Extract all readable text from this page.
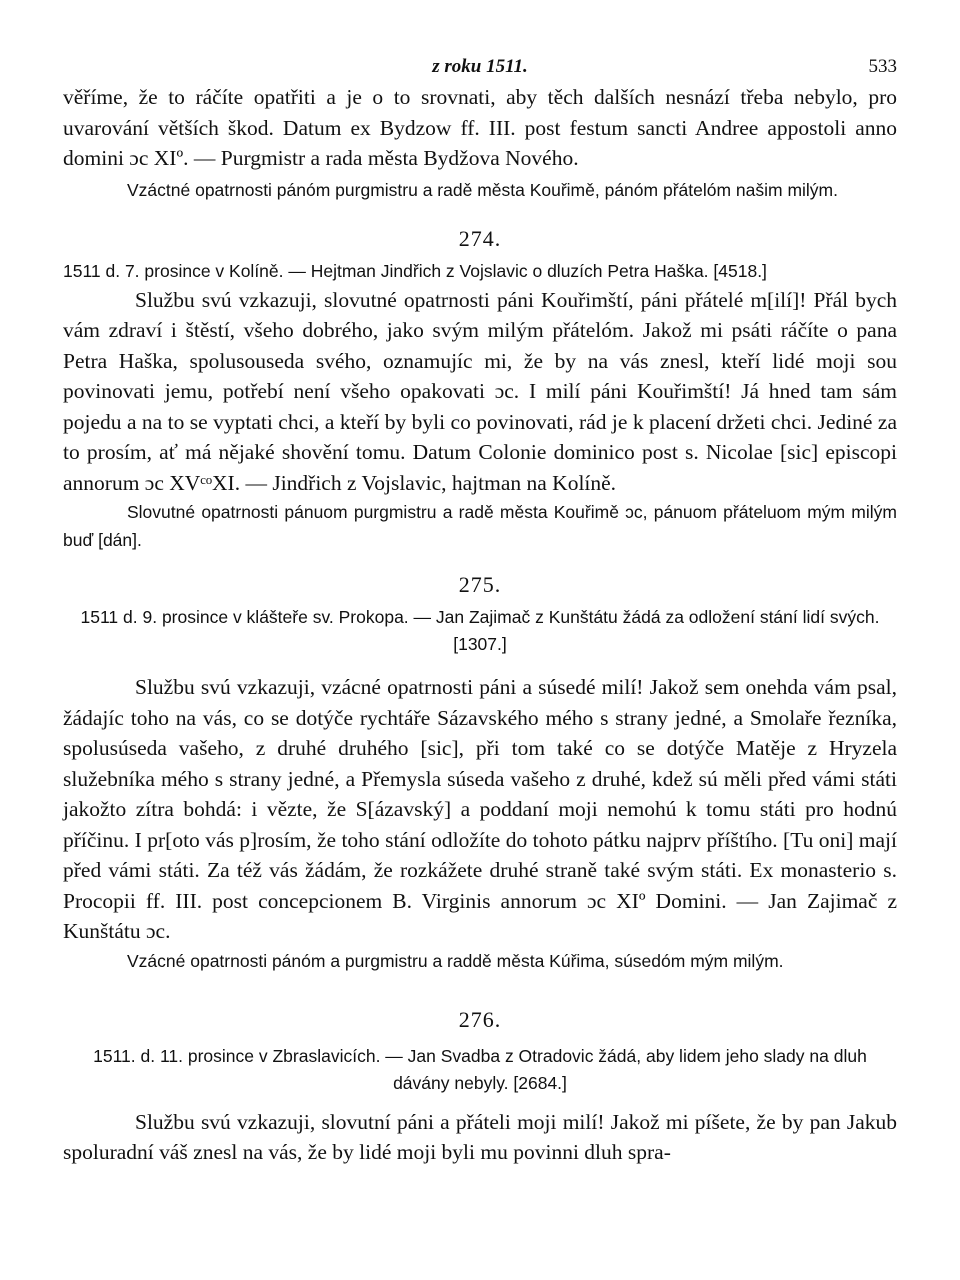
z roku 1511.	533

věříme, že to ráčíte opatřiti a je o to srovnati, aby těch dalších nesnází třeba nebylo, pro uvarování větších škod. Datum ex Bydzow ff. III. post festum sancti Andree appostoli anno domini ɔc XIº. — Purgmistr a rada města Bydžova Nového.

Vzáctné opatrnosti pánóm purgmistru a radě města Kouřimě, pánóm přátelóm našim milým.

274.

1511 d. 7. prosince v Kolíně. — Hejtman Jindřich z Vojslavic o dluzích Petra Haška. [4518.]

Službu svú vzkazuji, slovutné opatrnosti páni Kouřimští, páni přátelé m[ilí]! Přál bych vám zdraví i štěstí, všeho dobrého, jako svým milým přátelóm. Jakož mi psáti ráčíte o pana Petra Haška, spolusouseda svého, oznamujíc mi, že by na vás znesl, kteří lidé moji sou povinovati jemu, potřebí není všeho opakovati ɔc. I milí páni Kouřimští! Já hned tam sám pojedu a na to se vyptati chci, a kteří by byli co povinovati, rád je k placení držeti chci. Jediné za to prosím, ať má nějaké shovění tomu. Datum Colonie dominico post s. Nicolae [sic] episcopi annorum ɔc XVᶜᵒXI. — Jindřich z Vojslavic, hajtman na Kolíně.

Slovutné opatrnosti pánuom purgmistru a radě města Kouřimě ɔc, pánuom přáteluom mým milým buď [dán].

275.

1511 d. 9. prosince v klášteře sv. Prokopa. — Jan Zajimač z Kunštátu žádá za odložení stání lidí svých. [1307.]

Službu svú vzkazuji, vzácné opatrnosti páni a súsedé milí! Jakož sem onehda vám psal, žádajíc toho na vás, co se dotýče rychtáře Sázavského mého s strany jedné, a Smolaře řezníka, spolusúseda vašeho, z druhé druhého [sic], při tom také co se dotýče Matěje z Hryzela služebníka mého s strany jedné, a Přemysla súseda vašeho z druhé, kdež sú měli před vámi státi jakožto zítra bohdá: i vězte, že S[ázavský] a poddaní moji nemohú k tomu státi pro hodnú příčinu. I pr[oto vás p]rosím, že toho stání odložíte do tohoto pátku najprv příštího. [Tu oni] mají před vámi státi. Za též vás žádám, že rozkážete druhé straně také svým státi. Ex monasterio s. Procopii ff. III. post concepcionem B. Virginis annorum ɔc XIº Domini. — Jan Zajimač z Kunštátu ɔc.

Vzácné opatrnosti pánóm a purgmistru a raddě města Kúřima, súsedóm mým milým.

276.

1511. d. 11. prosince v Zbraslavicích. — Jan Svadba z Otradovic žádá, aby lidem jeho slady na dluh dávány nebyly. [2684.]

Službu svú vzkazuji, slovutní páni a přáteli moji milí! Jakož mi píšete, že by pan Jakub spoluradní váš znesl na vás, že by lidé moji byli mu povinni dluh spra-
